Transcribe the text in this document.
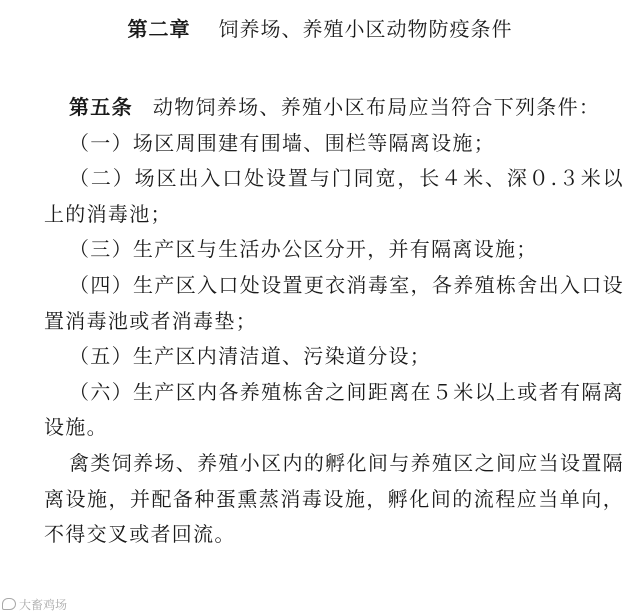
第二章 饲养场、养殖小区动物防疫条件

第五条 动物饲养场、养殖小区布局应当符合下列条件：

（一）场区周围建有围墙、围栏等隔离设施；

（二）场区出入口处设置与门同宽，长４米、深０.３米以上的消毒池；

（三）生产区与生活办公区分开，并有隔离设施；

（四）生产区入口处设置更衣消毒室，各养殖栋舍出入口设置消毒池或者消毒垫；

（五）生产区内清洁道、污染道分设；

（六）生产区内各养殖栋舍之间距离在５米以上或者有隔离设施。

禽类饲养场、养殖小区内的孵化间与养殖区之间应当设置隔离设施，并配备种蛋熏蒸消毒设施，孵化间的流程应当单向，不得交叉或者回流。

大畜鸡场
